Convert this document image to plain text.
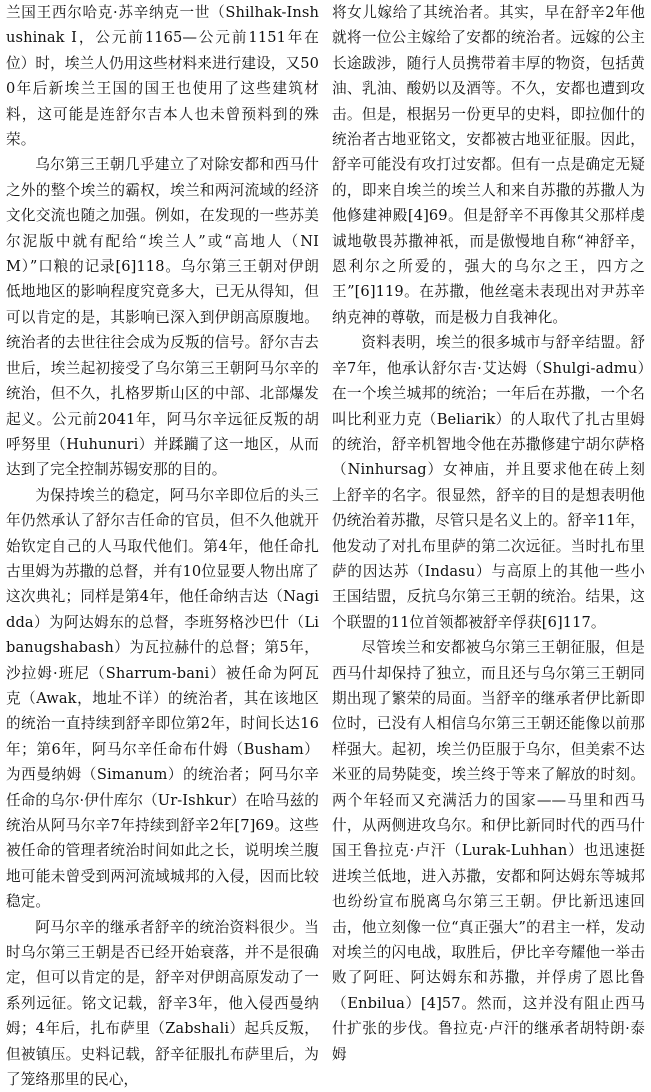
兰国王西尔哈克·苏辛纳克一世（Shilhak-Inshushinak I，公元前1165—公元前1151年在位）时，埃兰人仍用这些材料来进行建设，又500年后新埃兰王国的国王也使用了这些建筑材料，这可能是连舒尔吉本人也未曾预料到的殊荣。

乌尔第三王朝几乎建立了对除安都和西马什之外的整个埃兰的霸权，埃兰和两河流域的经济文化交流也随之加强。例如，在发现的一些苏美尔泥版中就有配给“埃兰人”或“高地人（NIM）”口粮的记录[6]118。乌尔第三王朝对伊朗低地地区的影响程度究竟多大，已无从得知，但可以肯定的是，其影响已深入到伊朗高原腹地。统治者的去世往往会成为反叛的信号。舒尔吉去世后，埃兰起初接受了乌尔第三王朝阿马尔辛的统治，但不久，扎格罗斯山区的中部、北部爆发起义。公元前2041年，阿马尔辛远征反叛的胡呼努里（Huhunuri）并蹂躏了这一地区，从而达到了完全控制苏锡安那的目的。

为保持埃兰的稳定，阿马尔辛即位后的头三年仍然承认了舒尔吉任命的官员，但不久他就开始钦定自己的人马取代他们。第4年，他任命扎古里姆为苏撒的总督，并有10位显要人物出席了这次典礼；同样是第4年，他任命纳吉达（Nagidda）为阿达姆东的总督，李班努格沙巴什（Libanugshabash）为瓦拉赫什的总督；第5年，沙拉姆·班尼（Sharrum-bani）被任命为阿瓦克（Awak，地址不详）的统治者，其在该地区的统治一直持续到舒辛即位第2年，时间长达16年；第6年，阿马尔辛任命布什姆（Busham）为西曼纳姆（Simanum）的统治者；阿马尔辛任命的乌尔·伊什库尔（Ur-Ishkur）在哈马兹的统治从阿马尔辛7年持续到舒辛2年[7]69。这些被任命的管理者统治时间如此之长，说明埃兰腹地可能未曾受到两河流域城邦的入侵，因而比较稳定。

阿马尔辛的继承者舒辛的统治资料很少。当时乌尔第三王朝是否已经开始衰落，并不是很确定，但可以肯定的是，舒辛对伊朗高原发动了一系列远征。铭文记载，舒辛3年，他入侵西曼纳姆；4年后，扎布萨里（Zabshali）起兵反叛，但被镇压。史料记载，舒辛征服扎布萨里后，为了笼络那里的民心，

将女儿嫁给了其统治者。其实，早在舒辛2年他就将一位公主嫁给了安都的统治者。远嫁的公主长途跋涉，随行人员携带着丰厚的物资，包括黄油、乳油、酸奶以及酒等。不久，安都也遭到攻击。但是，根据另一份更早的史料，即拉伽什的统治者古地亚铭文，安都被古地亚征服。因此，舒辛可能没有攻打过安都。但有一点是确定无疑的，即来自埃兰的埃兰人和来自苏撒的苏撒人为他修建神殿[4]69。但是舒辛不再像其父那样虔诚地敬畏苏撒神祇，而是傲慢地自称“神舒辛，恩利尔之所爱的，强大的乌尔之王，四方之王”[6]119。在苏撒，他丝毫未表现出对尹苏辛纳克神的尊敬，而是极力自我神化。

资料表明，埃兰的很多城市与舒辛结盟。舒辛7年，他承认舒尔吉·艾达姆（Shulgi-admu）在一个埃兰城邦的统治；一年后在苏撒，一个名叫比利亚力克（Beliarik）的人取代了扎古里姆的统治，舒辛机智地令他在苏撒修建宁胡尔萨格（Ninhursag）女神庙，并且要求他在砖上刻上舒辛的名字。很显然，舒辛的目的是想表明他仍统治着苏撒，尽管只是名义上的。舒辛11年，他发动了对扎布里萨的第二次远征。当时扎布里萨的因达苏（Indasu）与高原上的其他一些小王国结盟，反抗乌尔第三王朝的统治。结果，这个联盟的11位首领都被舒辛俘获[6]117。

尽管埃兰和安都被乌尔第三王朝征服，但是西马什却保持了独立，而且还与乌尔第三王朝同期出现了繁荣的局面。当舒辛的继承者伊比新即位时，已没有人相信乌尔第三王朝还能像以前那样强大。起初，埃兰仍臣服于乌尔，但美索不达米亚的局势陡变，埃兰终于等来了解放的时刻。两个年轻而又充满活力的国家——马里和西马什，从两侧进攻乌尔。和伊比新同时代的西马什国王鲁拉克·卢汗（Lurak-Luhhan）也迅速挺进埃兰低地，进入苏撒，安都和阿达姆东等城邦也纷纷宣布脱离乌尔第三王朝。伊比新迅速回击，他立刻像一位“真正强大”的君主一样，发动对埃兰的闪电战，取胜后，伊比辛夸耀他一举击败了阿旺、阿达姆东和苏撒，并俘虏了恩比鲁（Enbilua）[4]57。然而，这并没有阻止西马什扩张的步伐。鲁拉克·卢汗的继承者胡特朗·泰姆
